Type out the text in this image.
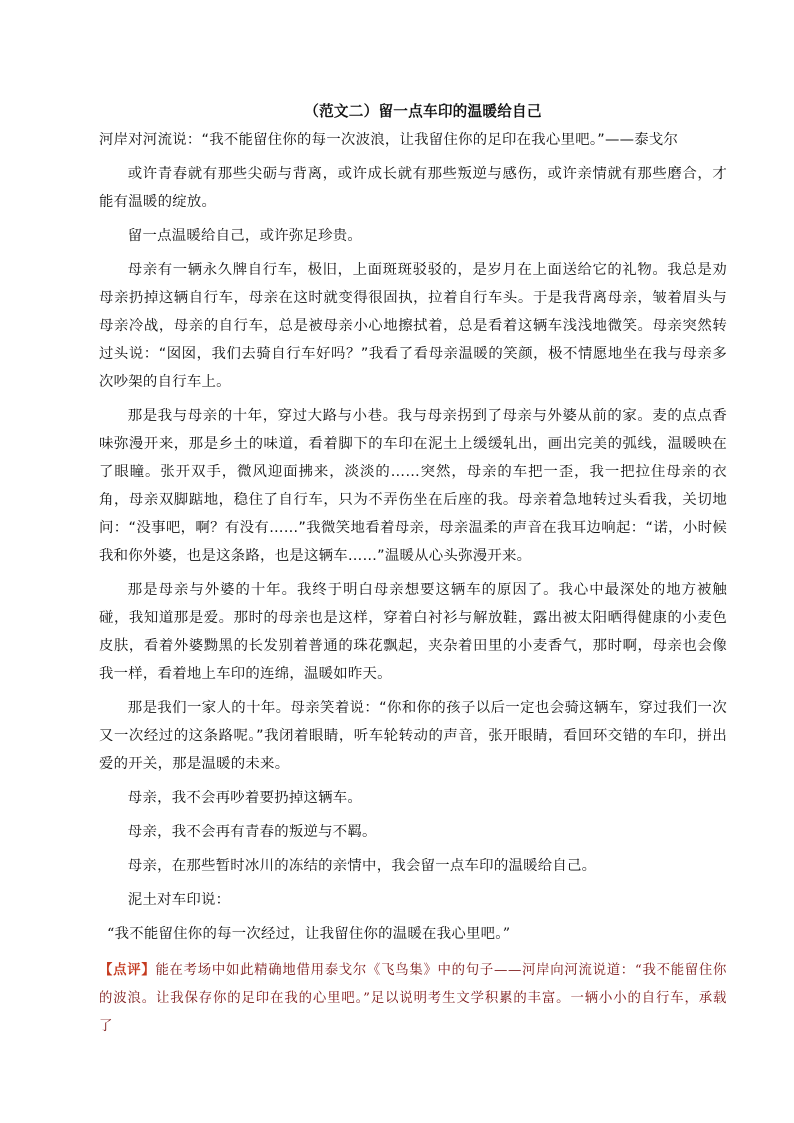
（范文二）留一点车印的温暖给自己

河岸对河流说：“我不能留住你的每一次波浪，让我留住你的足印在我心里吧。”——泰戈尔

或许青春就有那些尖砺与背离，或许成长就有那些叛逆与感伤，或许亲情就有那些磨合，才能有温暖的绽放。

留一点温暖给自己，或许弥足珍贵。

母亲有一辆永久牌自行车，极旧，上面斑斑驳驳的，是岁月在上面送给它的礼物。我总是劝母亲扔掉这辆自行车，母亲在这时就变得很固执，拉着自行车头。于是我背离母亲，皱着眉头与母亲冷战，母亲的自行车，总是被母亲小心地擦拭着，总是看着这辆车浅浅地微笑。母亲突然转过头说：“囡囡，我们去骑自行车好吗？”我看了看母亲温暖的笑颜，极不情愿地坐在我与母亲多次吵架的自行车上。

那是我与母亲的十年，穿过大路与小巷。我与母亲拐到了母亲与外婆从前的家。麦的点点香味弥漫开来，那是乡土的味道，看着脚下的车印在泥土上缓缓轧出，画出完美的弧线，温暖映在了眼瞳。张开双手，微风迎面拂来，淡淡的……突然，母亲的车把一歪，我一把拉住母亲的衣角，母亲双脚踮地，稳住了自行车，只为不弄伤坐在后座的我。母亲着急地转过头看我，关切地问：“没事吧，啊？有没有……”我微笑地看着母亲，母亲温柔的声音在我耳边响起：“诺，小时候我和你外婆，也是这条路，也是这辆车……”温暖从心头弥漫开来。

那是母亲与外婆的十年。我终于明白母亲想要这辆车的原因了。我心中最深处的地方被触碰，我知道那是爱。那时的母亲也是这样，穿着白衬衫与解放鞋，露出被太阳晒得健康的小麦色皮肤，看着外婆黝黑的长发别着普通的珠花飘起，夹杂着田里的小麦香气，那时啊，母亲也会像我一样，看着地上车印的连绵，温暖如昨天。

那是我们一家人的十年。母亲笑着说：“你和你的孩子以后一定也会骑这辆车，穿过我们一次又一次经过的这条路呢。”我闭着眼睛，听车轮转动的声音，张开眼睛，看回环交错的车印，拼出爱的开关，那是温暖的未来。

母亲，我不会再吵着要扔掉这辆车。

母亲，我不会再有青春的叛逆与不羁。

母亲，在那些暂时冰川的冻结的亲情中，我会留一点车印的温暖给自己。

泥土对车印说：

“我不能留住你的每一次经过，让我留住你的温暖在我心里吧。”

【点评】能在考场中如此精确地借用泰戈尔《飞鸟集》中的句子——河岸向河流说道：“我不能留住你的波浪。让我保存你的足印在我的心里吧。”足以说明考生文学积累的丰富。一辆小小的自行车，承载了
